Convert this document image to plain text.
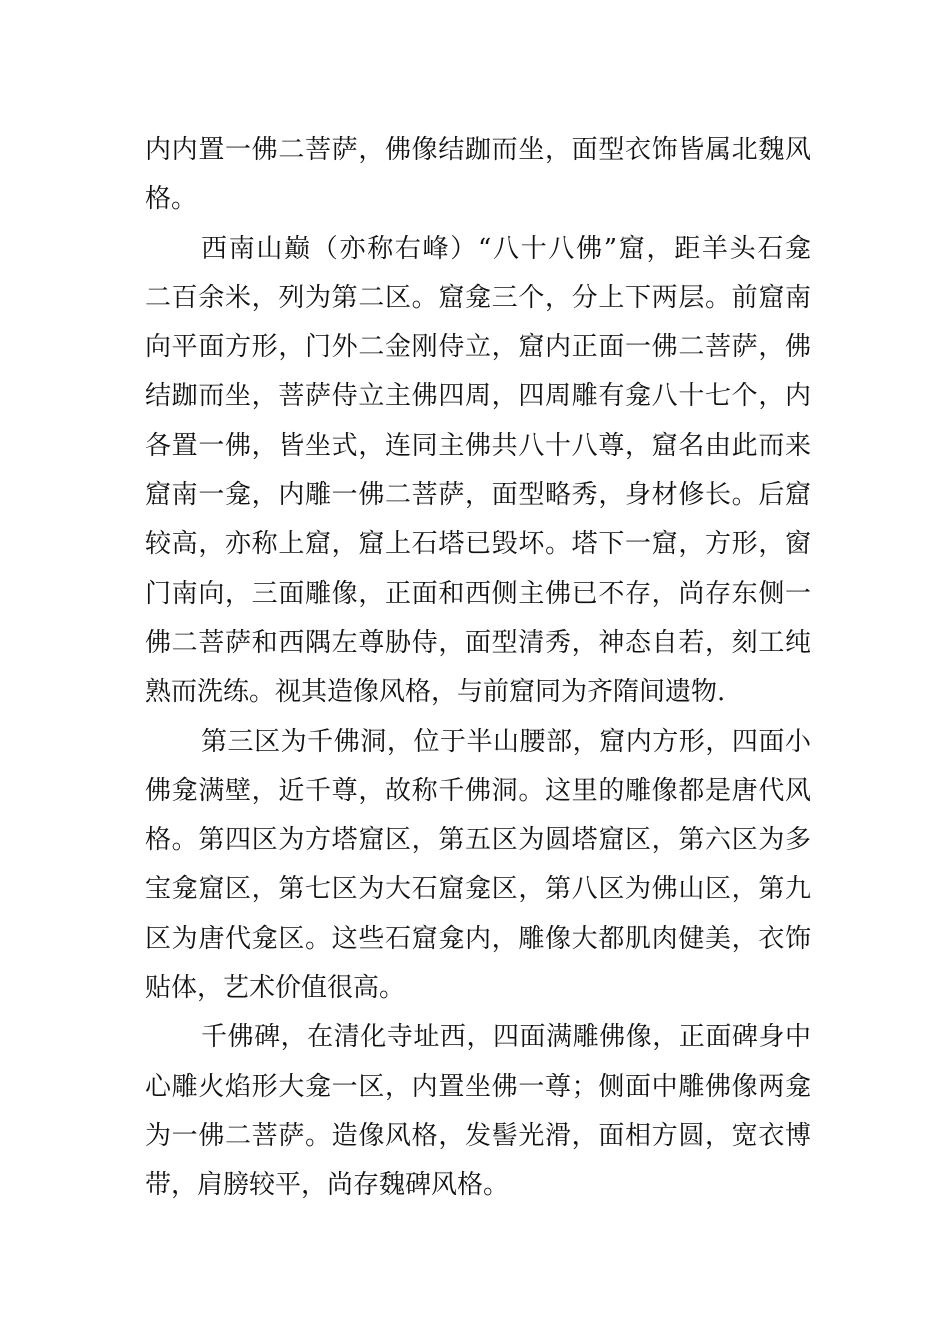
内内置一佛二菩萨，佛像结跏而坐，面型衣饰皆属北魏风
格。
西南山巅（亦称右峰）“八十八佛”窟，距羊头石龛
二百余米，列为第二区。窟龛三个，分上下两层。前窟南
向平面方形，门外二金刚侍立，窟内正面一佛二菩萨，佛
结跏而坐，菩萨侍立主佛四周，四周雕有龛八十七个，内
各置一佛，皆坐式，连同主佛共八十八尊，窟名由此而来
窟南一龛，内雕一佛二菩萨，面型略秀，身材修长。后窟
较高，亦称上窟，窟上石塔已毁坏。塔下一窟，方形，窗
门南向，三面雕像，正面和西侧主佛已不存，尚存东侧一
佛二菩萨和西隅左尊胁侍，面型清秀，神态自若，刻工纯
熟而洗练。视其造像风格，与前窟同为齐隋间遗物.
第三区为千佛洞，位于半山腰部，窟内方形，四面小
佛龛满壁，近千尊，故称千佛洞。这里的雕像都是唐代风
格。第四区为方塔窟区，第五区为圆塔窟区，第六区为多
宝龛窟区，第七区为大石窟龛区，第八区为佛山区，第九
区为唐代龛区。这些石窟龛内，雕像大都肌肉健美，衣饰
贴体，艺术价值很高。
千佛碑，在清化寺址西，四面满雕佛像，正面碑身中
心雕火焰形大龛一区，内置坐佛一尊；侧面中雕佛像两龛
为一佛二菩萨。造像风格，发髻光滑，面相方圆，宽衣博
带，肩膀较平，尚存魏碑风格。
